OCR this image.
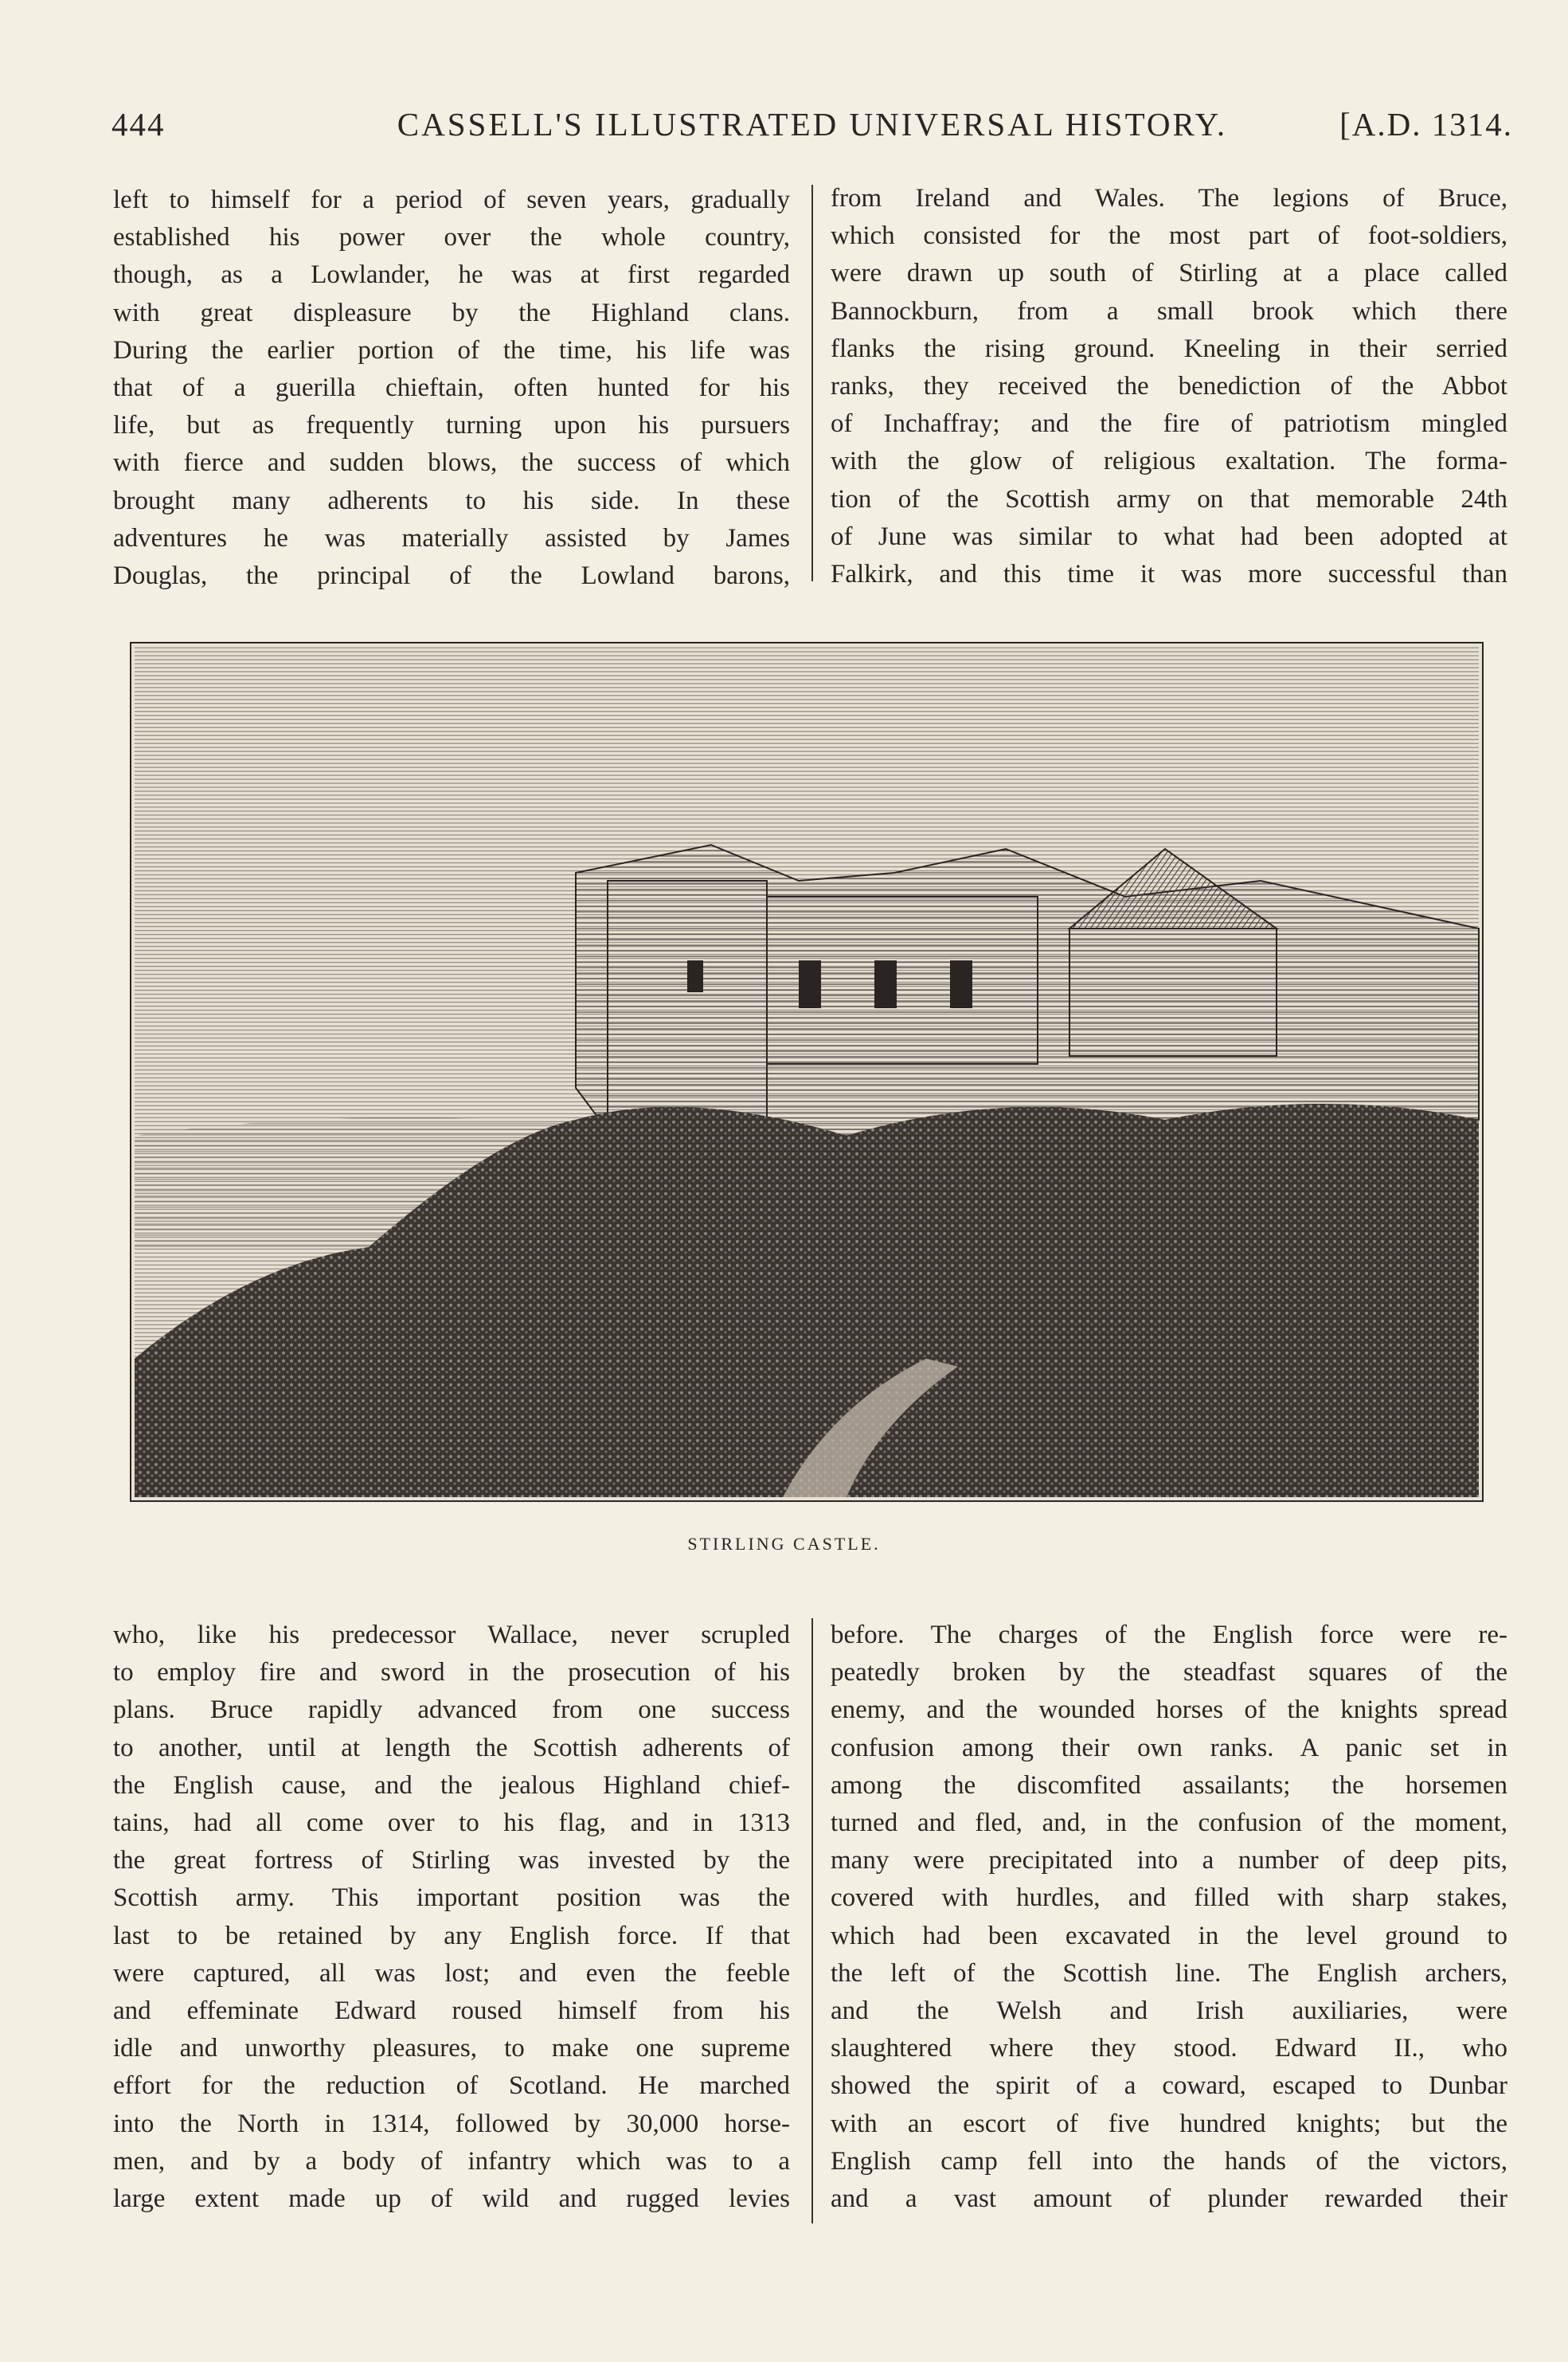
444	CASSELL'S ILLUSTRATED UNIVERSAL HISTORY.	[A.D. 1314.
left to himself for a period of seven years, gradually
established his power over the whole country,
though, as a Lowlander, he was at first regarded
with great displeasure by the Highland clans.
During the earlier portion of the time, his life was
that of a guerilla chieftain, often hunted for his
life, but as frequently turning upon his pursuers
with fierce and sudden blows, the success of which
brought many adherents to his side. In these
adventures he was materially assisted by James
Douglas, the principal of the Lowland barons,
from Ireland and Wales. The legions of Bruce,
which consisted for the most part of foot-soldiers,
were drawn up south of Stirling at a place called
Bannockburn, from a small brook which there
flanks the rising ground. Kneeling in their serried
ranks, they received the benediction of the Abbot
of Inchaffray; and the fire of patriotism mingled
with the glow of religious exaltation. The forma-
tion of the Scottish army on that memorable 24th
of June was similar to what had been adopted at
Falkirk, and this time it was more successful than
STIRLING CASTLE.
who, like his predecessor Wallace, never scrupled
to employ fire and sword in the prosecution of his
plans. Bruce rapidly advanced from one success
to another, until at length the Scottish adherents of
the English cause, and the jealous Highland chief-
tains, had all come over to his flag, and in 1313
the great fortress of Stirling was invested by the
Scottish army. This important position was the
last to be retained by any English force. If that
were captured, all was lost; and even the feeble
and effeminate Edward roused himself from his
idle and unworthy pleasures, to make one supreme
effort for the reduction of Scotland. He marched
into the North in 1314, followed by 30,000 horse-
men, and by a body of infantry which was to a
large extent made up of wild and rugged levies
before. The charges of the English force were re-
peatedly broken by the steadfast squares of the
enemy, and the wounded horses of the knights spread
confusion among their own ranks. A panic set in
among the discomfited assailants; the horsemen
turned and fled, and, in the confusion of the moment,
many were precipitated into a number of deep pits,
covered with hurdles, and filled with sharp stakes,
which had been excavated in the level ground to
the left of the Scottish line. The English archers,
and the Welsh and Irish auxiliaries, were
slaughtered where they stood. Edward II., who
showed the spirit of a coward, escaped to Dunbar
with an escort of five hundred knights; but the
English camp fell into the hands of the victors,
and a vast amount of plunder rewarded their
